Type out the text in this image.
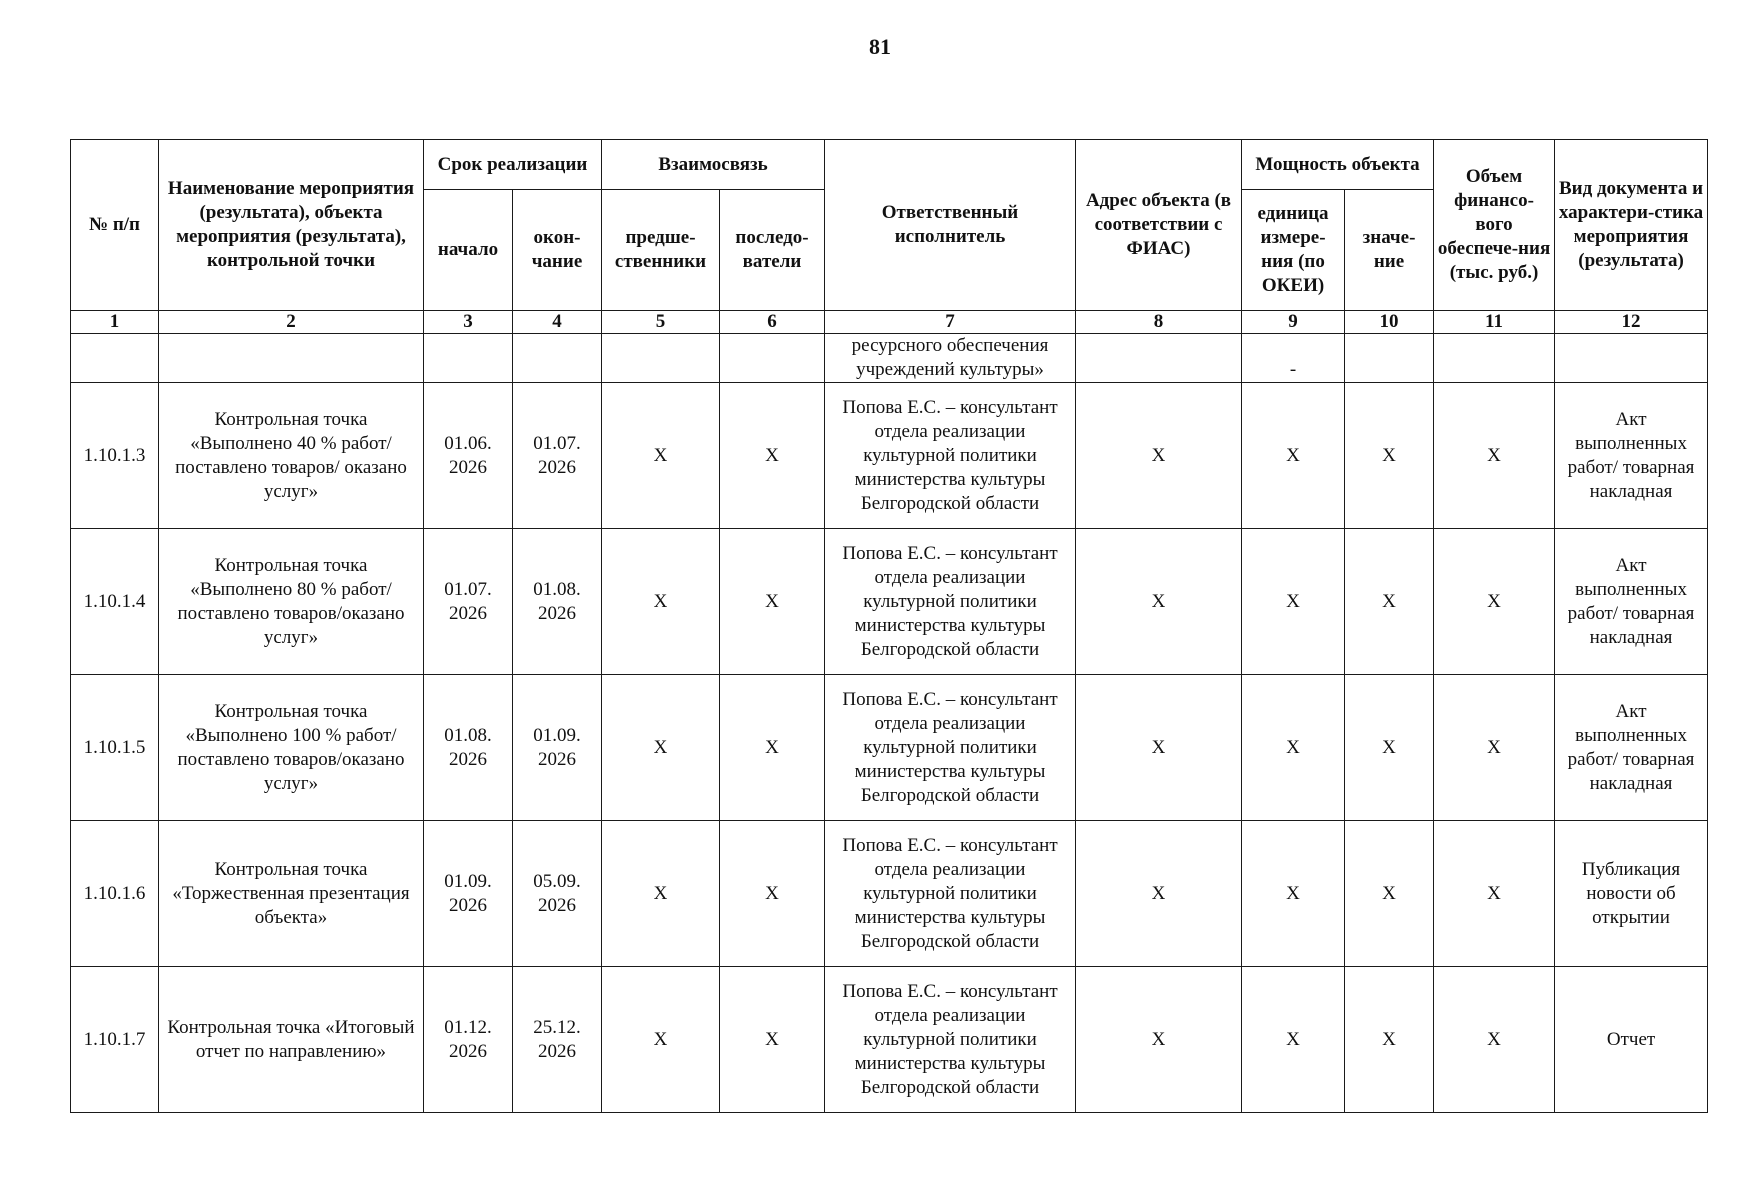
81
№ п/п	Наименование мероприятия (результата), объекта мероприятия (результата), контрольной точки	Срок реализации		Взаимосвязь		Ответственный исполнитель	Адрес объекта (в соответствии с ФИАС)	Мощность объекта		Объем финансо-вого обеспече-ния (тыс. руб.)	Вид документа и характери-стика мероприятия (результата)
		начало	окон-чание	предше-ственники	последо-ватели			единица измере-ния (по ОКЕИ)	значе-ние		
1	2	3	4	5	6	7	8	9	10	11	12
						ресурсного обеспечения учреждений культуры»		-			
1.10.1.3	Контрольная точка «Выполнено 40 % работ/ поставлено товаров/ оказано услуг»	01.06. 2026	01.07. 2026	X	X	Попова Е.С. – консультант отдела реализации культурной политики министерства культуры Белгородской области	X	X	X	X	Акт выполненных работ/ товарная накладная
1.10.1.4	Контрольная точка «Выполнено 80 % работ/поставлено товаров/оказано услуг»	01.07. 2026	01.08. 2026	X	X	Попова Е.С. – консультант отдела реализации культурной политики министерства культуры Белгородской области	X	X	X	X	Акт выполненных работ/ товарная накладная
1.10.1.5	Контрольная точка «Выполнено 100 % работ/поставлено товаров/оказано услуг»	01.08. 2026	01.09. 2026	X	X	Попова Е.С. – консультант отдела реализации культурной политики министерства культуры Белгородской области	X	X	X	X	Акт выполненных работ/ товарная накладная
1.10.1.6	Контрольная точка «Торжественная презентация объекта»	01.09. 2026	05.09. 2026	X	X	Попова Е.С. – консультант отдела реализации культурной политики министерства культуры Белгородской области	X	X	X	X	Публикация новости об открытии
1.10.1.7	Контрольная точка «Итоговый отчет по направлению»	01.12. 2026	25.12. 2026	X	X	Попова Е.С. – консультант отдела реализации культурной политики министерства культуры Белгородской области	X	X	X	X	Отчет
